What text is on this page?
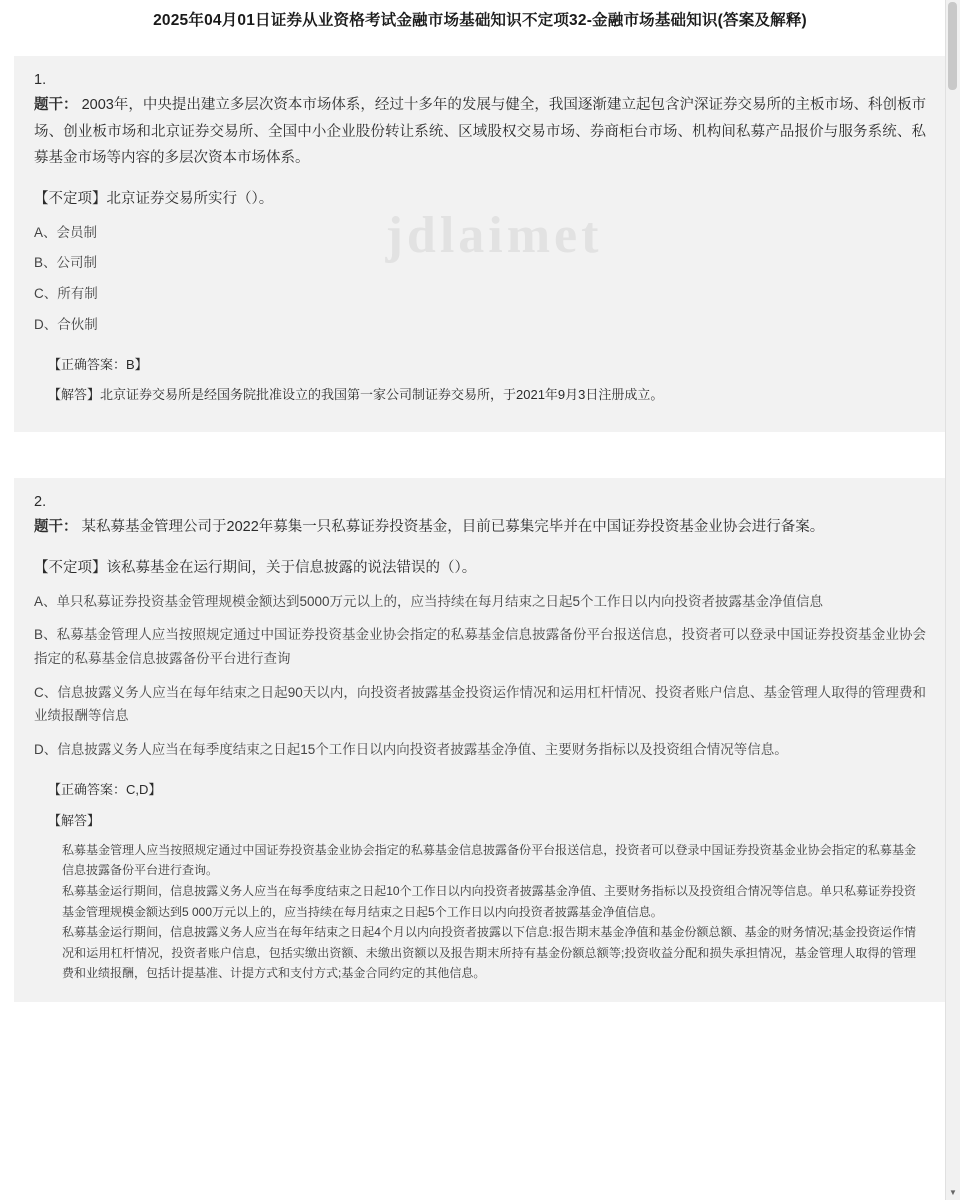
2025年04月01日证券从业资格考试金融市场基础知识不定项32-金融市场基础知识(答案及解释)
jdlaimet
1.
题干： 2003年，中央提出建立多层次资本市场体系，经过十多年的发展与健全，我国逐渐建立起包含沪深证券交易所的主板市场、科创板市场、创业板市场和北京证券交易所、全国中小企业股份转让系统、区域股权交易市场、券商柜台市场、机构间私募产品报价与服务系统、私募基金市场等内容的多层次资本市场体系。
【不定项】北京证券交易所实行（）。
A、会员制
B、公司制
C、所有制
D、合伙制
【正确答案：B】
【解答】北京证券交易所是经国务院批准设立的我国第一家公司制证券交易所，于2021年9月3日注册成立。
2.
题干： 某私募基金管理公司于2022年募集一只私募证券投资基金，目前已募集完毕并在中国证券投资基金业协会进行备案。
【不定项】该私募基金在运行期间，关于信息披露的说法错误的（）。
A、单只私募证券投资基金管理规模金额达到5000万元以上的，应当持续在每月结束之日起5个工作日以内向投资者披露基金净值信息
B、私募基金管理人应当按照规定通过中国证券投资基金业协会指定的私募基金信息披露备份平台报送信息，投资者可以登录中国证券投资基金业协会指定的私募基金信息披露备份平台进行查询
C、信息披露义务人应当在每年结束之日起90天以内，向投资者披露基金投资运作情况和运用杠杆情况、投资者账户信息、基金管理人取得的管理费和业绩报酬等信息
D、信息披露义务人应当在每季度结束之日起15个工作日以内向投资者披露基金净值、主要财务指标以及投资组合情况等信息。
【正确答案：C,D】
【解答】

私募基金管理人应当按照规定通过中国证券投资基金业协会指定的私募基金信息披露备份平台报送信息，投资者可以登录中国证券投资基金业协会指定的私募基金信息披露备份平台进行查询。

私募基金运行期间，信息披露义务人应当在每季度结束之日起10个工作日以内向投资者披露基金净值、主要财务指标以及投资组合情况等信息。单只私募证券投资基金管理规模金额达到5 000万元以上的，应当持续在每月结束之日起5个工作日以内向投资者披露基金净值信息。

私募基金运行期间，信息披露义务人应当在每年结束之日起4个月以内向投资者披露以下信息:报告期末基金净值和基金份额总额、基金的财务情况;基金投资运作情况和运用杠杆情况，投资者账户信息，包括实缴出资额、未缴出资额以及报告期末所持有基金份额总额等;投资收益分配和损失承担情况，基金管理人取得的管理费和业绩报酬，包括计提基准、计提方式和支付方式;基金合同约定的其他信息。

▼
